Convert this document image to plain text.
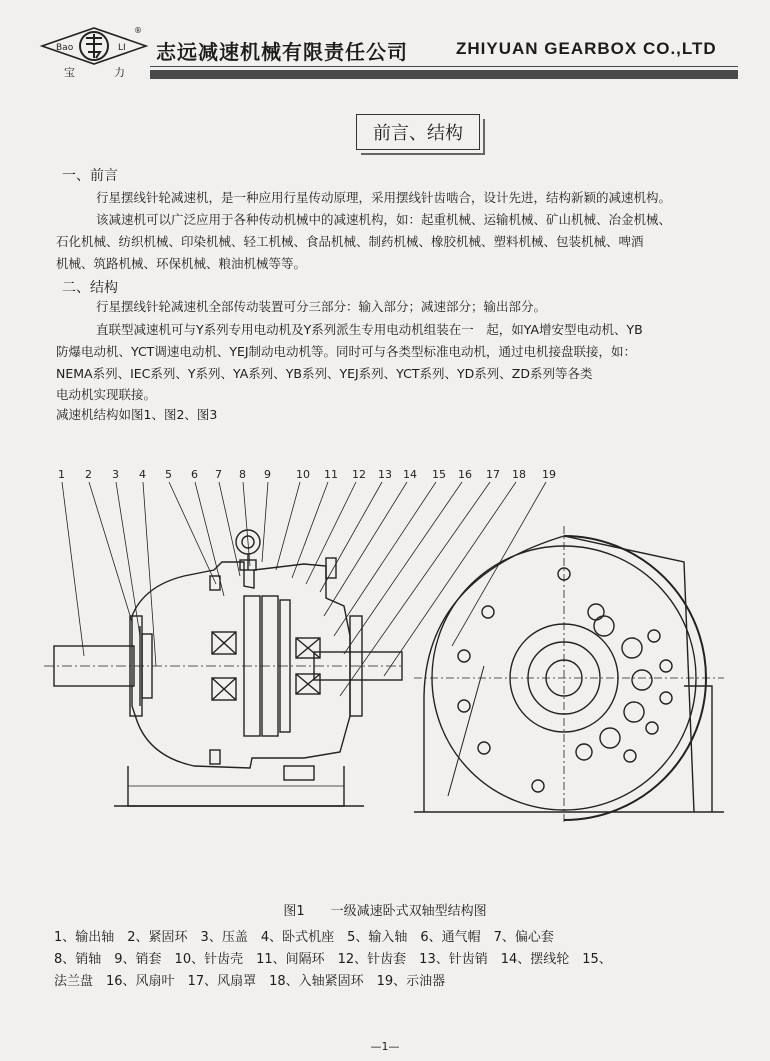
Bao	LI
宝	力
®
志远减速机械有限责任公司	ZHIYUAN GEARBOX CO.,LTD
前言、结构
一、前言
行星摆线针轮减速机，是一种应用行星传动原理，采用摆线针齿啮合，设计先进，结构新颖的减速机构。
该减速机可以广泛应用于各种传动机械中的减速机构，如：起重机械、运输机械、矿山机械、冶金机械、
石化机械、纺织机械、印染机械、轻工机械、食品机械、制药机械、橡胶机械、塑料机械、包装机械、啤酒
机械、筑路机械、环保机械、粮油机械等等。
二、结构
行星摆线针轮减速机全部传动装置可分三部分：输入部分；减速部分；输出部分。
直联型减速机可与Y系列专用电动机及Y系列派生专用电动机组装在一　起，如YA增安型电动机、YB
防爆电动机、YCT调速电动机、YEJ制动电动机等。同时可与各类型标准电动机，通过电机接盘联接，如：
NEMA系列、IEC系列、Y系列、YA系列、YB系列、YEJ系列、YCT系列、YD系列、ZD系列等各类
电动机实现联接。
减速机结构如图1、图2、图3
1 2 3 4 5 6 7 8 9 10 11 12 13 14 15 16 17 18 19
图1　　一级减速卧式双轴型结构图
1、输出轴　2、紧固环　3、压盖　4、卧式机座　5、输入轴　6、通气帽　7、偏心套
8、销轴　9、销套　10、针齿壳　11、间隔环　12、针齿套　13、针齿销　14、摆线轮　15、
法兰盘　16、风扇叶　17、风扇罩　18、入轴紧固环　19、示油器
—1—
